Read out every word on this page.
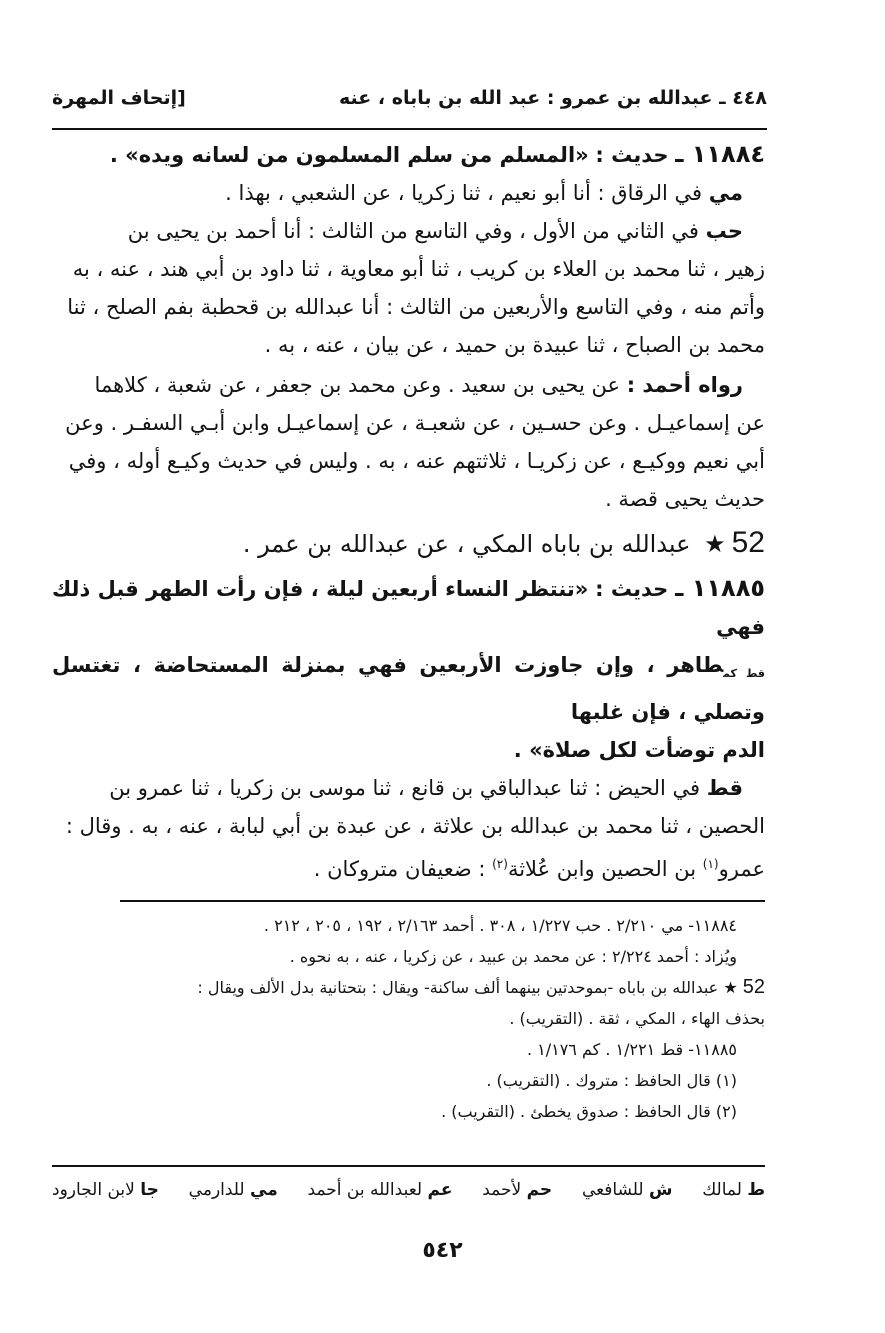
٤٤٨ ـ عبدالله بن عمرو : عبد الله بن باباه ، عنه
[إتحاف المهرة

١١٨٨٤ ـ حديث : «المسلم من سلم المسلمون من لسانه ويده» .

مي في الرقاق : أنا أبو نعيم ، ثنا زكريا ، عن الشعبي ، بهذا .

حب في الثاني من الأول ، وفي التاسع من الثالث : أنا أحمد بن يحيى بن

زهير ، ثنا محمد بن العلاء بن كريب ، ثنا أبو معاوية ، ثنا داود بن أبي هند ، عنه ، به

وأتم منه ، وفي التاسع والأربعين من الثالث : أنا عبدالله بن قحطبة بفم الصلح ، ثنا

محمد بن الصباح ، ثنا عبيدة بن حميد ، عن بيان ، عنه ، به .

رواه أحمد : عن يحيى بن سعيد . وعن محمد بن جعفر ، عن شعبة ، كلاهما

عن إسماعيـل . وعن حسـين ، عن شعبـة ، عن إسماعيـل وابن أبـي السفـر . وعن

أبي نعيم ووكيـع ، عن زكريـا ، ثلاثتهم عنه ، به . وليس في حديث وكيـع أوله ، وفي

حديث يحيى قصة .

52★ عبدالله بن باباه المكي ، عن عبدالله بن عمر .

١١٨٨٥ ـ حديث : «تنتظر النساء أربعين ليلة ، فإن رأت الطهر قبل ذلك فهي

$_{قط كم}$طاهر ، وإن جاوزت الأربعين فهي بمنزلة المستحاضة ، تغتسل وتصلي ، فإن غلبها

الدم توضأت لكل صلاة» .

قط في الحيض : ثنا عبدالباقي بن قانع ، ثنا موسى بن زكريا ، ثنا عمرو بن

الحصين ، ثنا محمد بن عبدالله بن علاثة ، عن عبدة بن أبي لبابة ، عنه ، به . وقال :

عمرو$^{(١)}$ بن الحصين وابن عُلاثة$^{(٢)}$ : ضعيفان متروكان .

١١٨٨٤- مي ٢/٢١٠ . حب ١/٢٢٧ ، ٣٠٨ . أحمد ٢/١٦٣ ، ١٩٢ ، ٢٠٥ ، ٢١٢ .

ويُزاد : أحمد ٢/٢٢٤ : عن محمد بن عبيد ، عن زكريا ، عنه ، به نحوه .

52 ★ عبدالله بن باباه -بموحدتين بينهما ألف ساكنة- ويقال : بتحتانية بدل الألف ويقال :

بحذف الهاء ، المكي ، ثقة . (التقريب) .

١١٨٨٥- قط ١/٢٢١ . كم ١/١٧٦ .

(١) قال الحافظ : متروك . (التقريب) .

(٢) قال الحافظ : صدوق يخطئ . (التقريب) .

ط لمالك
ش للشافعي
حم لأحمد
عم لعبدالله بن أحمد
مي للدارمي
جا لابن الجارود
٥٤٢
